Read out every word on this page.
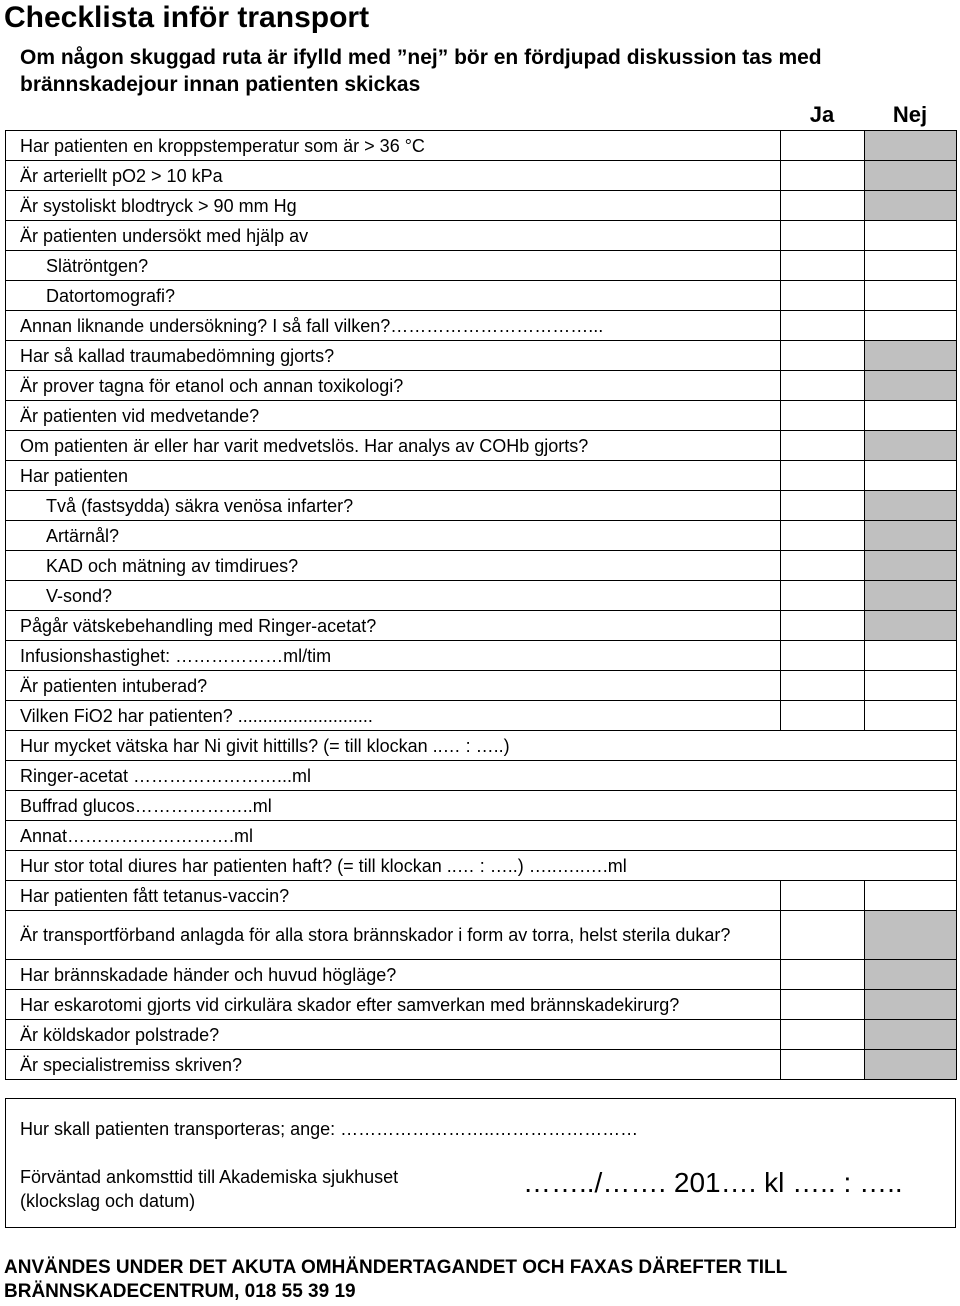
Checklista inför transport
Om någon skuggad ruta är ifylld med ”nej” bör en fördjupad diskussion tas med brännskadejour innan patienten skickas
Ja	Nej
Har patienten en kroppstemperatur som är > 36 °C		
Är arteriellt pO2 > 10 kPa		
Är systoliskt blodtryck > 90 mm Hg		
Är patienten undersökt med hjälp av		
Slätröntgen?		
Datortomografi?		
Annan liknande undersökning? I så fall vilken?……………………………...		
Har så kallad traumabedömning gjorts?		
Är prover tagna för etanol och annan toxikologi?		
Är patienten vid medvetande?		
Om patienten är eller har varit medvetslös. Har analys av COHb gjorts?		
Har patienten		
Två (fastsydda) säkra venösa infarter?		
Artärnål?		
KAD och mätning av timdirues?		
V-sond?		
Pågår vätskebehandling med Ringer-acetat?		
Infusionshastighet: ………………ml/tim		
Är patienten intuberad?		
Vilken FiO2 har patienten? ...........................		
Hur mycket vätska har Ni givit hittills? (= till klockan ..… : …..)		
Ringer-acetat ……………………...ml		
Buffrad glucos………………..ml		
Annat……………………….ml		
Hur stor total diures har patienten haft? (= till klockan ..… : …..) …..…..….ml		
Har patienten fått tetanus-vaccin?		
Är transportförband anlagda för alla stora brännskador i form av torra, helst sterila dukar?		
Har brännskadade händer och huvud högläge?		
Har eskarotomi gjorts vid cirkulära skador efter samverkan med brännskadekirurg?		
Är köldskador polstrade?		
Är specialistremiss skriven?		
Hur skall patienten transporteras; ange: ……………………..……………………
Förväntad ankomsttid till Akademiska sjukhuset (klockslag och datum)
……../……. 201…. kl ….. : …..
ANVÄNDES UNDER DET AKUTA OMHÄNDERTAGANDET OCH FAXAS DÄREFTER TILL BRÄNNSKADECENTRUM, 018 55 39 19
